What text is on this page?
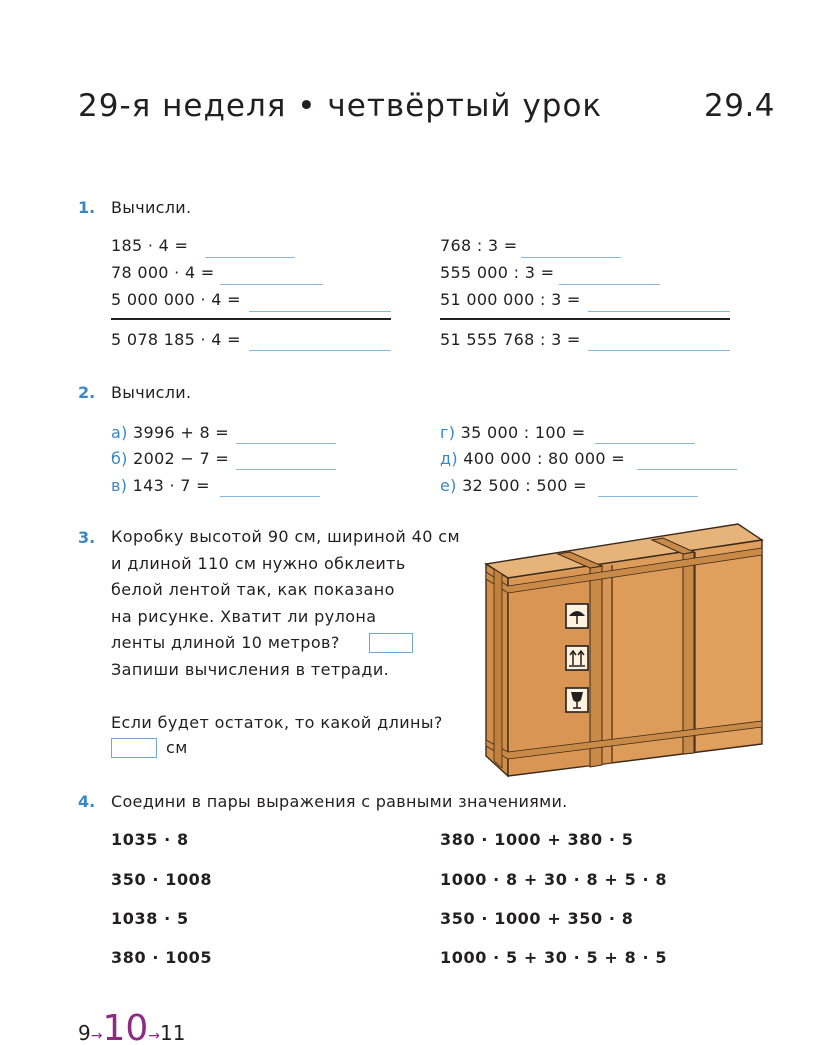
29-я неделя • четвёртый урок	29.4
1. Вычисли.
185 · 4 =
78 000 · 4 =
5 000 000 · 4 =
5 078 185 · 4 =
768 : 3 =
555 000 : 3 =
51 000 000 : 3 =
51 555 768 : 3 =
2. Вычисли.
а) 3996 + 8 =
б) 2002 − 7 =
в) 143 · 7 =
г) 35 000 : 100 =
д) 400 000 : 80 000 =
е) 32 500 : 500 =
3. Коробку высотой 90 см, шириной 40 см
и длиной 110 см нужно обклеить
белой лентой так, как показано
на рисунке. Хватит ли рулона
ленты длиной 10 метров?
Запиши вычисления в тетради.
Если будет остаток, то какой длины?
см
4. Соедини в пары выражения с равными значениями.
1035 · 8
350 · 1008
1038 · 5
380 · 1005
380 · 1000 + 380 · 5
1000 · 8 + 30 · 8 + 5 · 8
350 · 1000 + 350 · 8
1000 · 5 + 30 · 5 + 8 · 5
9→10→11
